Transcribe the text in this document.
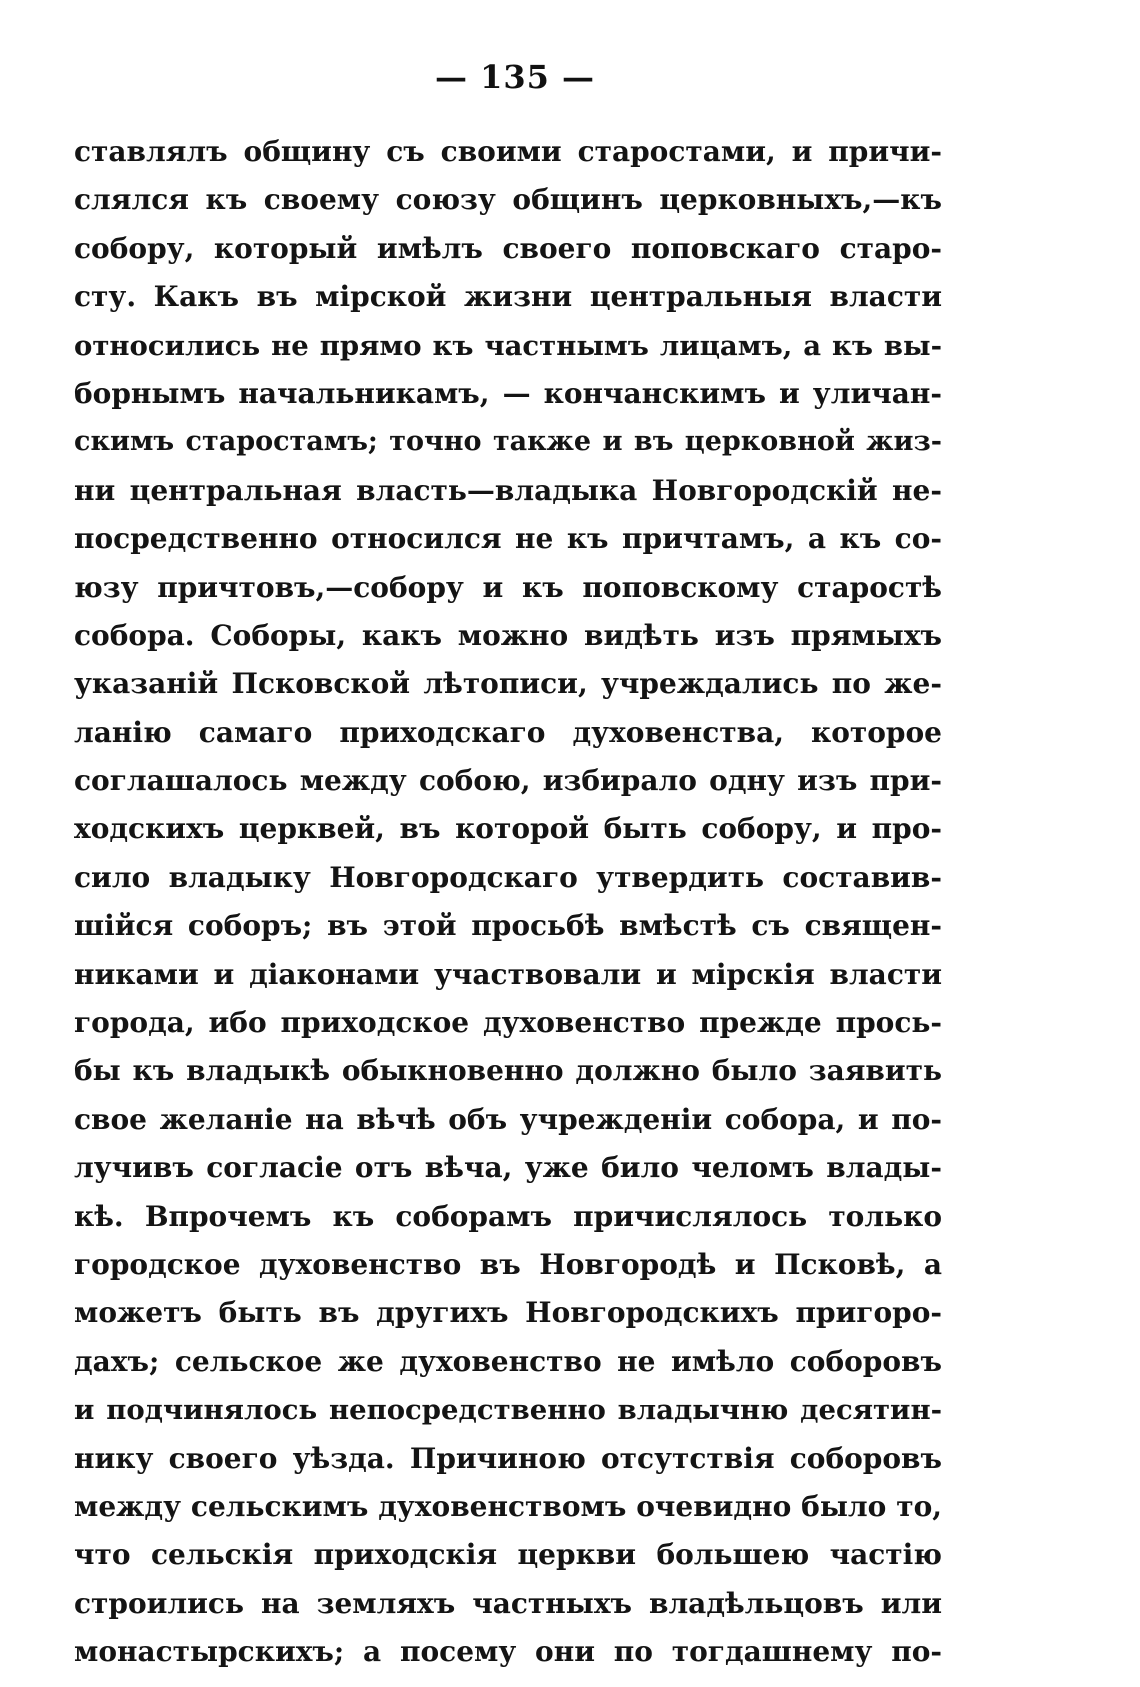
— 135 —
ставлялъ общину съ своими старостами, и причи-
слялся къ своему союзу общинъ церковныхъ,—къ
собору, который имѣлъ своего поповскаго старо-
сту. Какъ въ мірской жизни центральныя власти
относились не прямо къ частнымъ лицамъ, а къ вы-
борнымъ начальникамъ, — кончанскимъ и уличан-
скимъ старостамъ; точно также и въ церковной жиз-
ни центральная власть—владыка Новгородскій не-
посредственно относился не къ причтамъ, а къ со-
юзу причтовъ,—собору и къ поповскому старостѣ
собора. Соборы, какъ можно видѣть изъ прямыхъ
указаній Псковской лѣтописи, учреждались по же-
ланію самаго приходскаго духовенства, которое
соглашалось между собою, избирало одну изъ при-
ходскихъ церквей, въ которой быть собору, и про-
сило владыку Новгородскаго утвердить составив-
шійся соборъ; въ этой просьбѣ вмѣстѣ съ священ-
никами и діаконами участвовали и мірскія власти
города, ибо приходское духовенство прежде прось-
бы къ владыкѣ обыкновенно должно было заявить
свое желаніе на вѣчѣ объ учрежденіи собора, и по-
лучивъ согласіе отъ вѣча, уже било челомъ влады-
кѣ. Впрочемъ къ соборамъ причислялось только
городское духовенство въ Новгородѣ и Псковѣ, а
можетъ быть въ другихъ Новгородскихъ пригоро-
дахъ; сельское же духовенство не имѣло соборовъ
и подчинялось непосредственно владычню десятин-
нику своего уѣзда. Причиною отсутствія соборовъ
между сельскимъ духовенствомъ очевидно было то,
что сельскія приходскія церкви большею частію
строились на земляхъ частныхъ владѣльцовъ или
монастырскихъ; а посему они по тогдашнему по-
